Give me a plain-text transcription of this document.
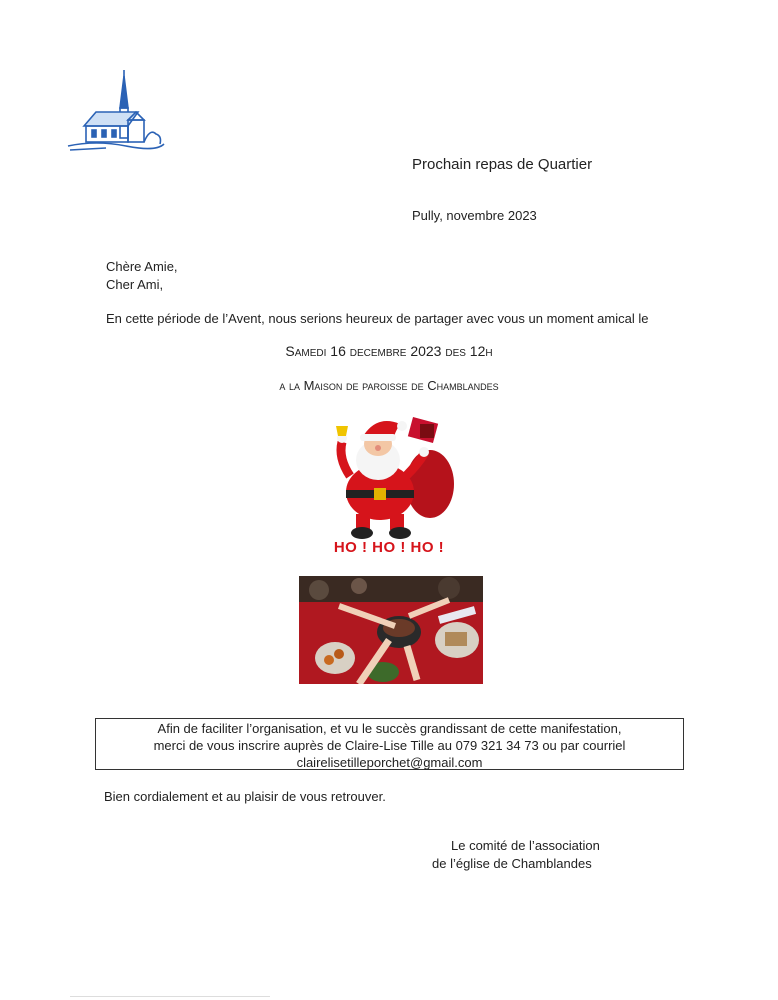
Prochain repas de Quartier
Pully, novembre 2023
Chère Amie,
Cher Ami,
En cette période de l’Avent, nous serions heureux de partager avec vous un moment amical le
Samedi 16 decembre 2023 des 12h
a la Maison de paroisse de Chamblandes
HO ! HO ! HO !
Afin de faciliter l’organisation, et vu le succès grandissant de cette manifestation,
merci de vous inscrire auprès de Claire-Lise Tille au 079 321 34 73 ou par courriel
clairelisetilleporchet@gmail.com
Bien cordialement et au plaisir de vous retrouver.
Le comité de l’association
de l’église de Chamblandes
